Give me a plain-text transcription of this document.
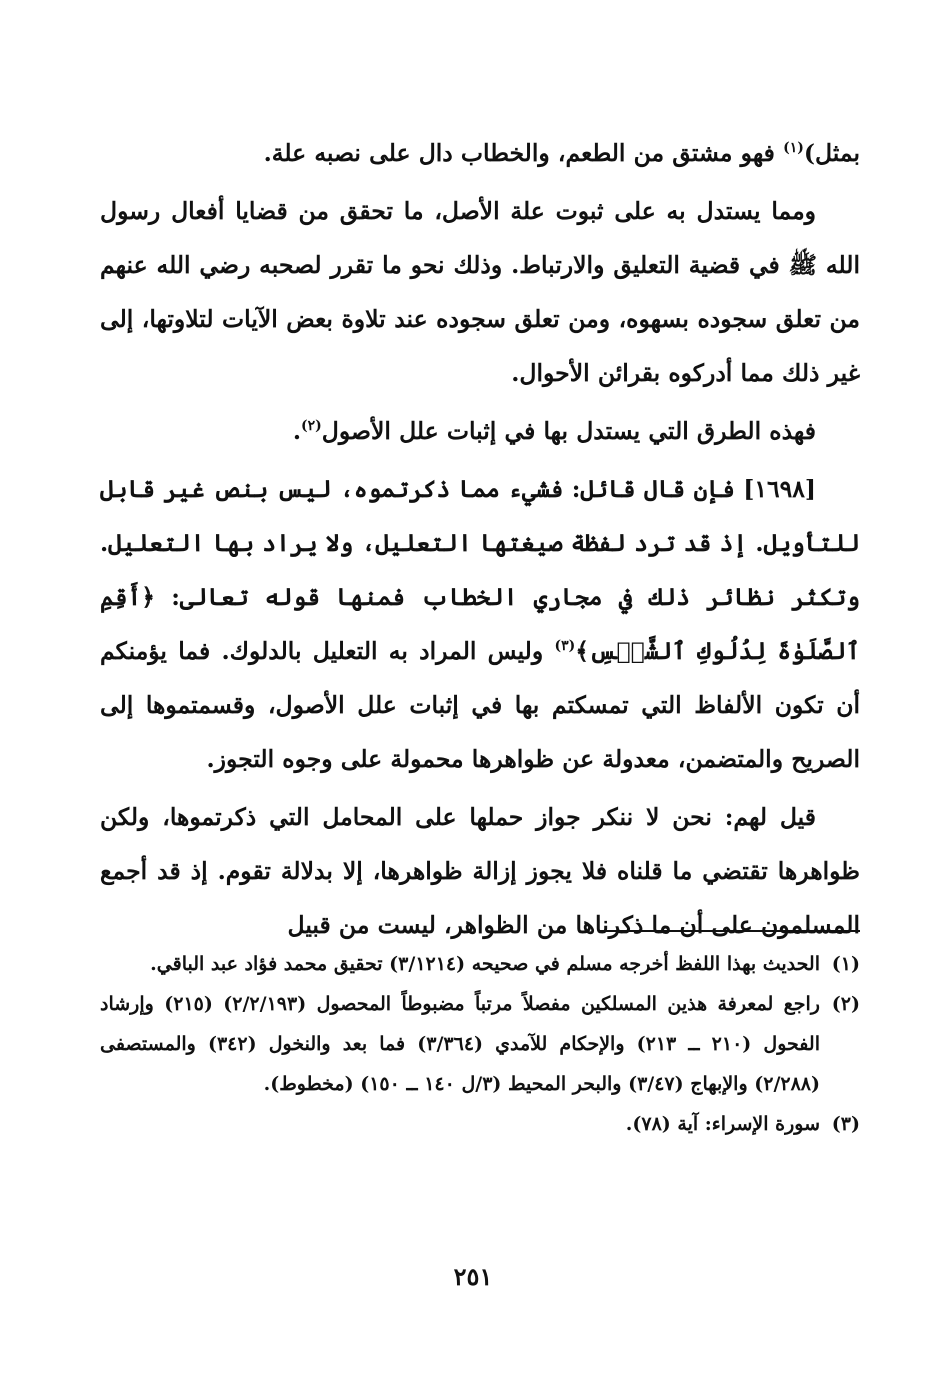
بمثل)$^{(١)}$ فهو مشتق من الطعم، والخطاب دال على نصبه علة.

ومما يستدل به على ثبوت علة الأصل، ما تحقق من قضايا أفعال رسول الله ﷺ في قضية التعليق والارتباط. وذلك نحو ما تقرر لصحبه رضي الله عنهم من تعلق سجوده بسهوه، ومن تعلق سجوده عند تلاوة بعض الآيات لتلاوتها، إلى غير ذلك مما أدركوه بقرائن الأحوال.

فهذه الطرق التي يستدل بها في إثبات علل الأصول$^{(٢)}$.

[١٦٩٨] فإن قال قائل: فشيء مما ذكرتموه، ليس بنص غير قابل للتأويل. إذ قد ترد لفظة صيغتها التعليل، ولا يراد بها التعليل. وتكثر نظائر ذلك في مجاري الخطاب فمنها قوله تعالى: ﴿أَقِمِ ٱلصَّلَوٰةَ لِدُلُوكِ ٱلشَّمۡسِ﴾$^{(٣)}$ وليس المراد به التعليل بالدلوك. فما يؤمنكم أن تكون الألفاظ التي تمسكتم بها في إثبات علل الأصول، وقسمتموها إلى الصريح والمتضمن، معدولة عن ظواهرها محمولة على وجوه التجوز.

قيل لهم: نحن لا ننكر جواز حملها على المحامل التي ذكرتموها، ولكن ظواهرها تقتضي ما قلناه فلا يجوز إزالة ظواهرها، إلا بدلالة تقوم. إذ قد أجمع المسلمون على أن ما ذكرناها من الظواهر، ليست من قبيل

(١)الحديث بهذا اللفظ أخرجه مسلم في صحيحه (٣/١٢١٤) تحقيق محمد فؤاد عبد الباقي.
(٢)راجع لمعرفة هذين المسلكين مفصلاً مرتباً مضبوطاً المحصول (٢/٢/١٩٣) (٢١٥) وإرشاد الفحول (٢١٠ ــ ٢١٣) والإحكام للآمدي (٣/٣٦٤) فما بعد والنخول (٣٤٢) والمستصفى (٢/٢٨٨) والإبهاج (٣/٤٧) والبحر المحيط (٣/ل ١٤٠ ــ ١٥٠) (مخطوط).
(٣)سورة الإسراء: آية (٧٨).
٢٥١
